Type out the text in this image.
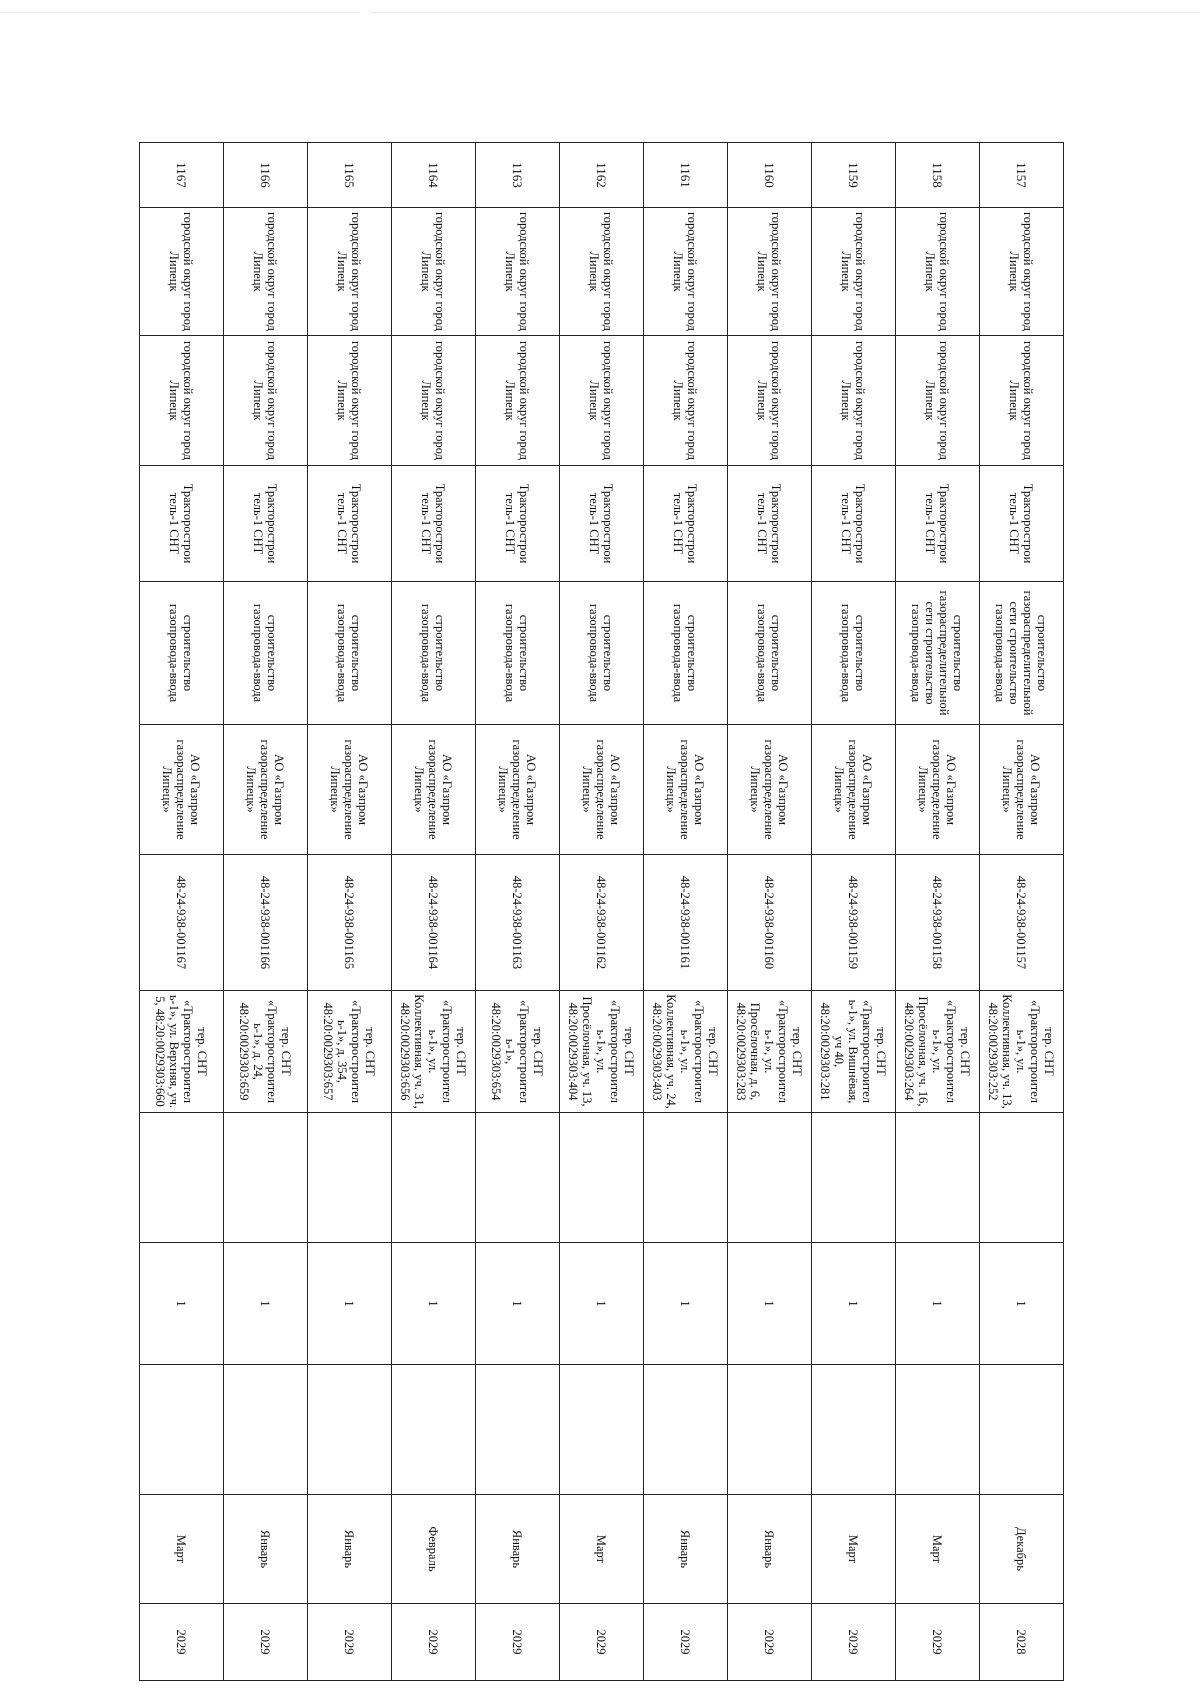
1157	городской округ город Липецк	городской округ город Липецк	Тракторострои тель-1 СНТ	строительство газораспределительной сети строительство газопровода-ввода	АО «Газпром газораспределение Липецк»	48-24-938-001157	тер. СНТ «Тракторостроител ь-1», ул. Коллективная, уч. 13, 48:20:0029303:252		1		Декабрь	2028
1158	городской округ город Липецк	городской округ город Липецк	Тракторострои тель-1 СНТ	строительство газораспределительной сети строительство газопровода-ввода	АО «Газпром газораспределение Липецк»	48-24-938-001158	тер. СНТ «Тракторостроител ь-1», ул. Просёлочная, уч. 16, 48:20:0029303:264		1		Март	2029
1159	городской округ город Липецк	городской округ город Липецк	Тракторострои тель-1 СНТ	строительство газопровода-ввода	АО «Газпром газораспределение Липецк»	48-24-938-001159	тер. СНТ «Тракторостроител ь-1», ул. Вишнёвая, уч 40, 48:20:0029303:281		1		Март	2029
1160	городской округ город Липецк	городской округ город Липецк	Тракторострои тель-1 СНТ	строительство газопровода-ввода	АО «Газпром газораспределение Липецк»	48-24-938-001160	тер. СНТ «Тракторостроител ь-1», ул. Просёлочная, д. 6, 48:20:0029303:283		1		Январь	2029
1161	городской округ город Липецк	городской округ город Липецк	Тракторострои тель-1 СНТ	строительство газопровода-ввода	АО «Газпром газораспределение Липецк»	48-24-938-001161	тер. СНТ «Тракторостроител ь-1», ул. Коллективная, уч. 24, 48:20:0029303:403		1		Январь	2029
1162	городской округ город Липецк	городской округ город Липецк	Тракторострои тель-1 СНТ	строительство газопровода-ввода	АО «Газпром газораспределение Липецк»	48-24-938-001162	тер. СНТ «Тракторостроител ь-1», ул. Просёлочная, уч. 13, 48:20:0029303:404		1		Март	2029
1163	городской округ город Липецк	городской округ город Липецк	Тракторострои тель-1 СНТ	строительство газопровода-ввода	АО «Газпром газораспределение Липецк»	48-24-938-001163	тер. СНТ «Тракторостроител ь-1», 48:20:0029303:654		1		Январь	2029
1164	городской округ город Липецк	городской округ город Липецк	Тракторострои тель-1 СНТ	строительство газопровода-ввода	АО «Газпром газораспределение Липецк»	48-24-938-001164	тер. СНТ «Тракторостроител ь-1», ул. Коллективная, уч. 31, 48:20:0029303:656		1		Февраль	2029
1165	городской округ город Липецк	городской округ город Липецк	Тракторострои тель-1 СНТ	строительство газопровода-ввода	АО «Газпром газораспределение Липецк»	48-24-938-001165	тер. СНТ «Тракторостроител ь-1», д. 354, 48:20:0029303:657		1		Январь	2029
1166	городской округ город Липецк	городской округ город Липецк	Тракторострои тель-1 СНТ	строительство газопровода-ввода	АО «Газпром газораспределение Липецк»	48-24-938-001166	тер. СНТ «Тракторостроител ь-1», д. 24, 48:20:0029303:659		1		Январь	2029
1167	городской округ город Липецк	городской округ город Липецк	Тракторострои тель-1 СНТ	строительство газопровода-ввода	АО «Газпром газораспределение Липецк»	48-24-938-001167	тер. СНТ «Тракторостроител ь-1», ул. Верхняя, уч. 5, 48:20:0029303:660		1		Март	2029
